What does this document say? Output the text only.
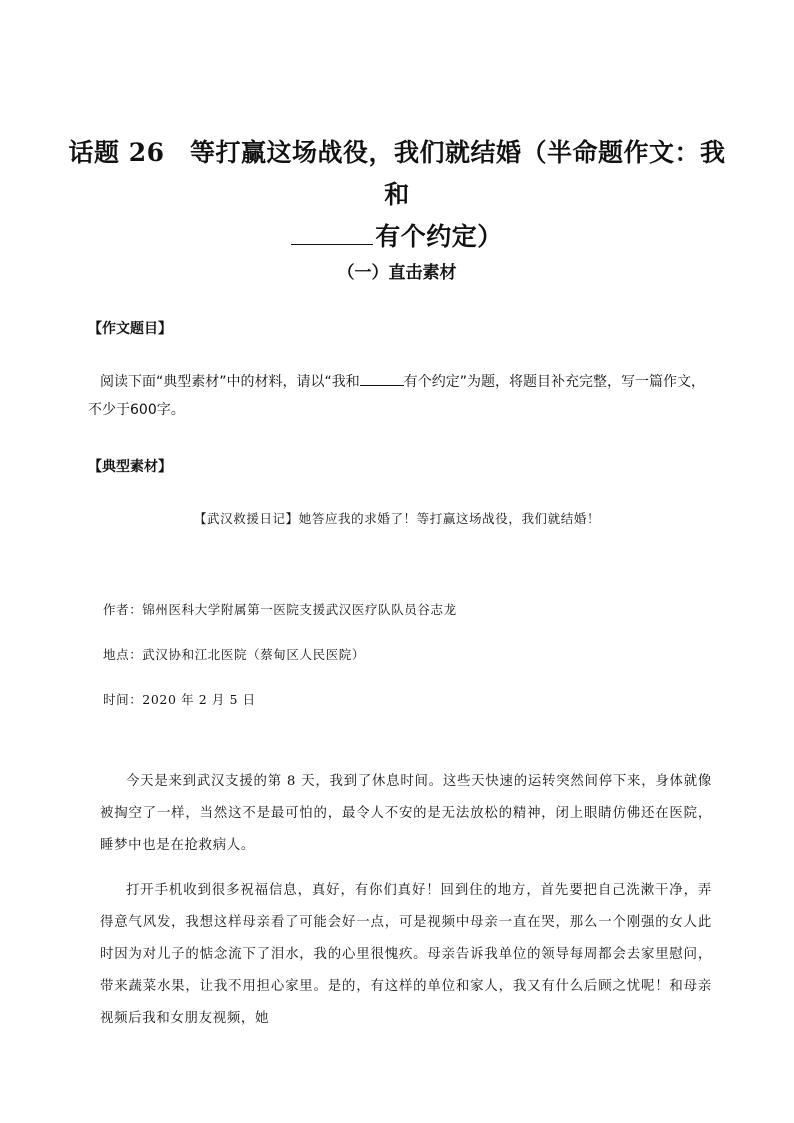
话题 26　等打赢这场战役，我们就结婚（半命题作文：我和
有个约定）
（一）直击素材
【作文题目】
阅读下面“典型素材”中的材料，请以“我和	有个约定”为题，将题目补充完整，写一篇作文，
不少于600字。
【典型素材】
【武汉救援日记】她答应我的求婚了！等打赢这场战役，我们就结婚！
作者：锦州医科大学附属第一医院支援武汉医疗队队员谷志龙
地点：武汉协和江北医院（蔡甸区人民医院）
时间：2020 年 2 月 5 日
今天是来到武汉支援的第 8 天，我到了休息时间。这些天快速的运转突然间停下来，身体就像被掏空了一样，当然这不是最可怕的，最令人不安的是无法放松的精神，闭上眼睛仿佛还在医院，睡梦中也是在抢救病人。
打开手机收到很多祝福信息，真好，有你们真好！回到住的地方，首先要把自己洗漱干净，弄得意气风发，我想这样母亲看了可能会好一点，可是视频中母亲一直在哭，那么一个刚强的女人此时因为对儿子的惦念流下了泪水，我的心里很愧疚。母亲告诉我单位的领导每周都会去家里慰问，带来蔬菜水果，让我不用担心家里。是的，有这样的单位和家人，我又有什么后顾之忧呢！和母亲视频后我和女朋友视频，她
